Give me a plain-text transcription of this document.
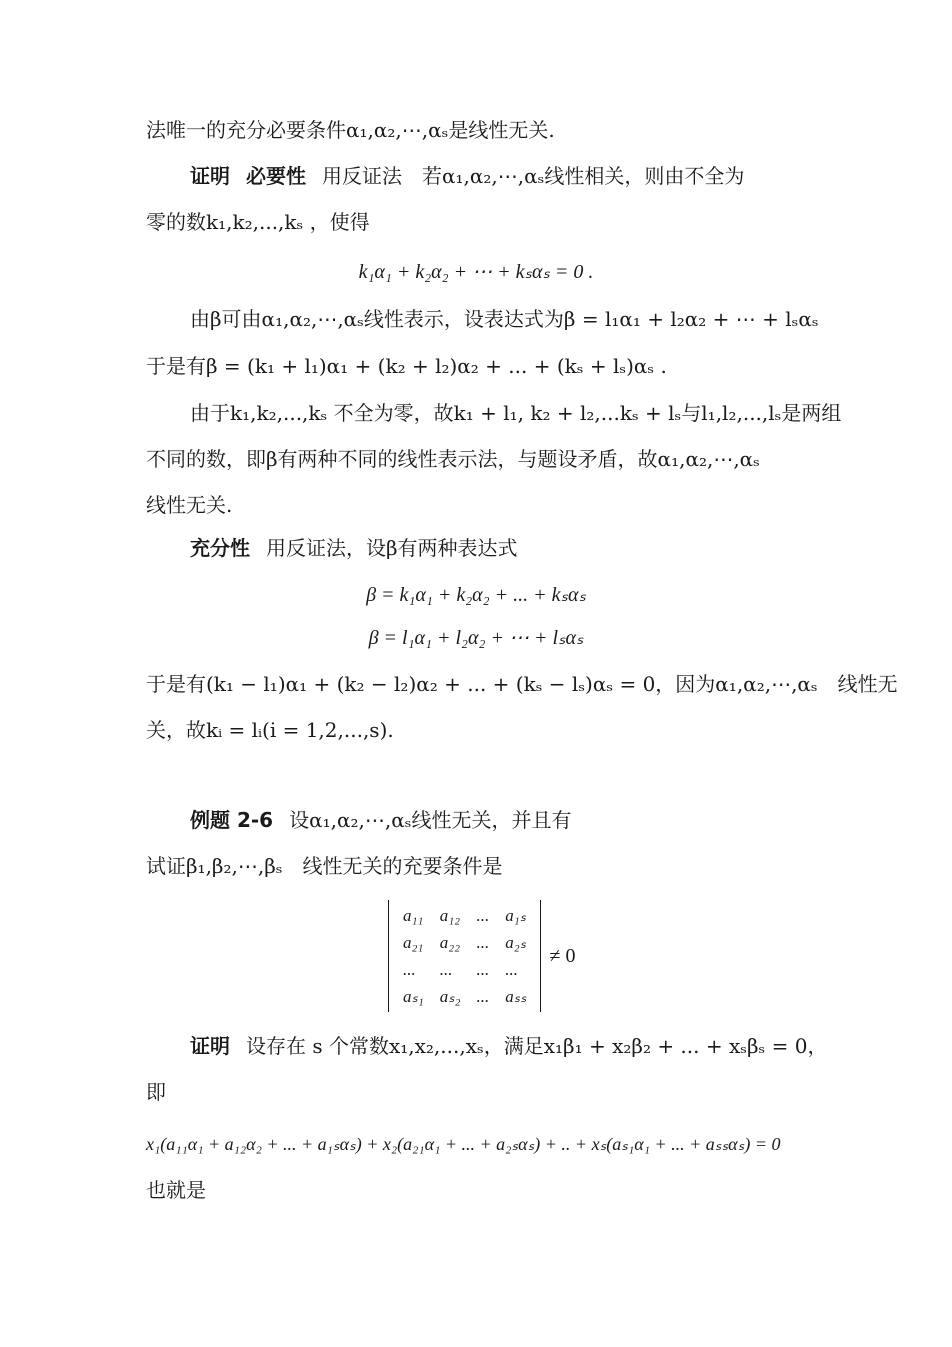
法唯一的充分必要条件α₁,α₂,⋯,αₛ是线性无关.
证明 必要性 用反证法　若α₁,α₂,⋯,αₛ线性相关，则由不全为
零的数k₁,k₂,...,kₛ ，使得
k₁α₁ + k₂α₂ + ⋯ + kₛαₛ = 0 .
由β可由α₁,α₂,⋯,αₛ线性表示，设表达式为β = l₁α₁ + l₂α₂ + ⋯ + lₛαₛ
于是有β = (k₁ + l₁)α₁ + (k₂ + l₂)α₂ + ... + (kₛ + lₛ)αₛ .
由于k₁,k₂,...,kₛ 不全为零，故k₁ + l₁, k₂ + l₂,...kₛ + lₛ与l₁,l₂,...,lₛ是两组
不同的数，即β有两种不同的线性表示法，与题设矛盾，故α₁,α₂,⋯,αₛ
线性无关.
充分性 用反证法，设β有两种表达式
β = k₁α₁ + k₂α₂ + ... + kₛαₛ
β = l₁α₁ + l₂α₂ + ⋯ + lₛαₛ
于是有(k₁ − l₁)α₁ + (k₂ − l₂)α₂ + ... + (kₛ − lₛ)αₛ = 0，因为α₁,α₂,⋯,αₛ　线性无
关，故kᵢ = lᵢ(i = 1,2,...,s).
例题 2-6 设α₁,α₂,⋯,αₛ线性无关，并且有
试证β₁,β₂,⋯,βₛ　线性无关的充要条件是
a₁₁	a₁₂	...	a₁ₛ
a₂₁	a₂₂	...	a₂ₛ
...	...	...	...
aₛ₁	aₛ₂	...	aₛₛ
≠ 0
证明 设存在 s 个常数x₁,x₂,...,xₛ，满足x₁β₁ + x₂β₂ + ... + xₛβₛ = 0，
即
x₁(a₁₁α₁ + a₁₂α₂ + ... + a₁ₛαₛ) + x₂(a₂₁α₁ + ... + a₂ₛαₛ) + .. + xₛ(aₛ₁α₁ + ... + aₛₛαₛ) = 0
也就是
